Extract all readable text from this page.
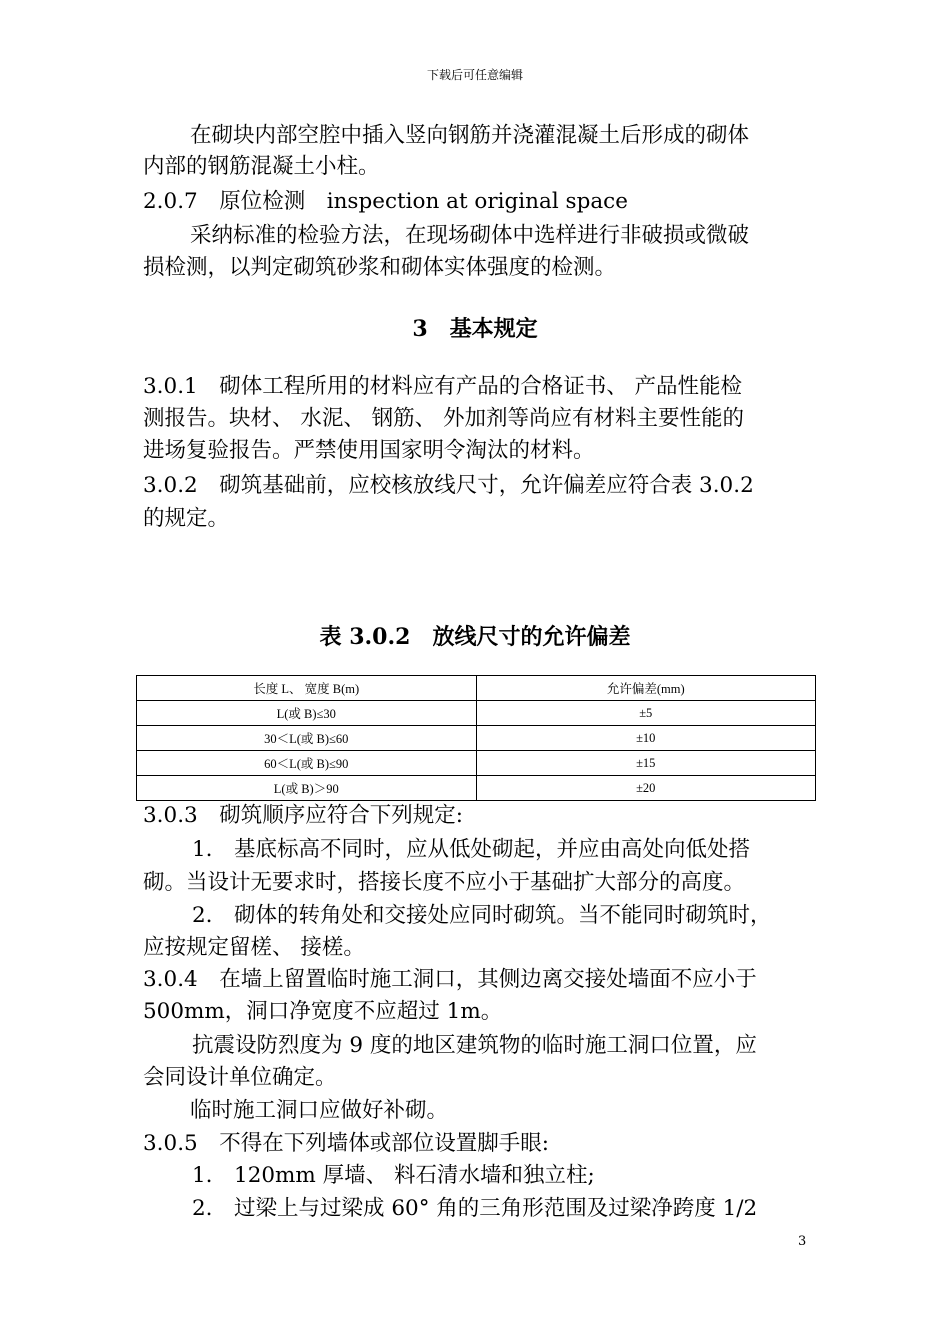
下载后可任意编辑
在砌块内部空腔中插入竖向钢筋并浇灌混凝土后形成的砌体
内部的钢筋混凝土小柱。
2.0.7　原位检测　inspection at original space
采纳标准的检验方法，在现场砌体中选样进行非破损或微破
损检测，以判定砌筑砂浆和砌体实体强度的检测。
3　基本规定
3.0.1　砌体工程所用的材料应有产品的合格证书、 产品性能检
测报告。块材、 水泥、 钢筋、 外加剂等尚应有材料主要性能的
进场复验报告。严禁使用国家明令淘汰的材料。
3.0.2　砌筑基础前，应校核放线尺寸，允许偏差应符合表 3.0.2
的规定。
表 3.0.2　放线尺寸的允许偏差
长度 L、 宽度 B(m)	允许偏差(mm)
L(或 B)≤30	±5
30＜L(或 B)≤60	±10
60＜L(或 B)≤90	±15
L(或 B)＞90	±20
3.0.3　砌筑顺序应符合下列规定:
1.　基底标高不同时，应从低处砌起，并应由高处向低处搭
砌。当设计无要求时，搭接长度不应小于基础扩大部分的高度。
2.　砌体的转角处和交接处应同时砌筑。当不能同时砌筑时，
应按规定留槎、 接槎。
3.0.4　在墙上留置临时施工洞口，其侧边离交接处墙面不应小于
500mm，洞口净宽度不应超过 1m。
抗震设防烈度为 9 度的地区建筑物的临时施工洞口位置，应
会同设计单位确定。
临时施工洞口应做好补砌。
3.0.5　不得在下列墙体或部位设置脚手眼:
1.　120mm 厚墙、 料石清水墙和独立柱;
2.　过梁上与过梁成 60° 角的三角形范围及过梁净跨度 1/2
3
